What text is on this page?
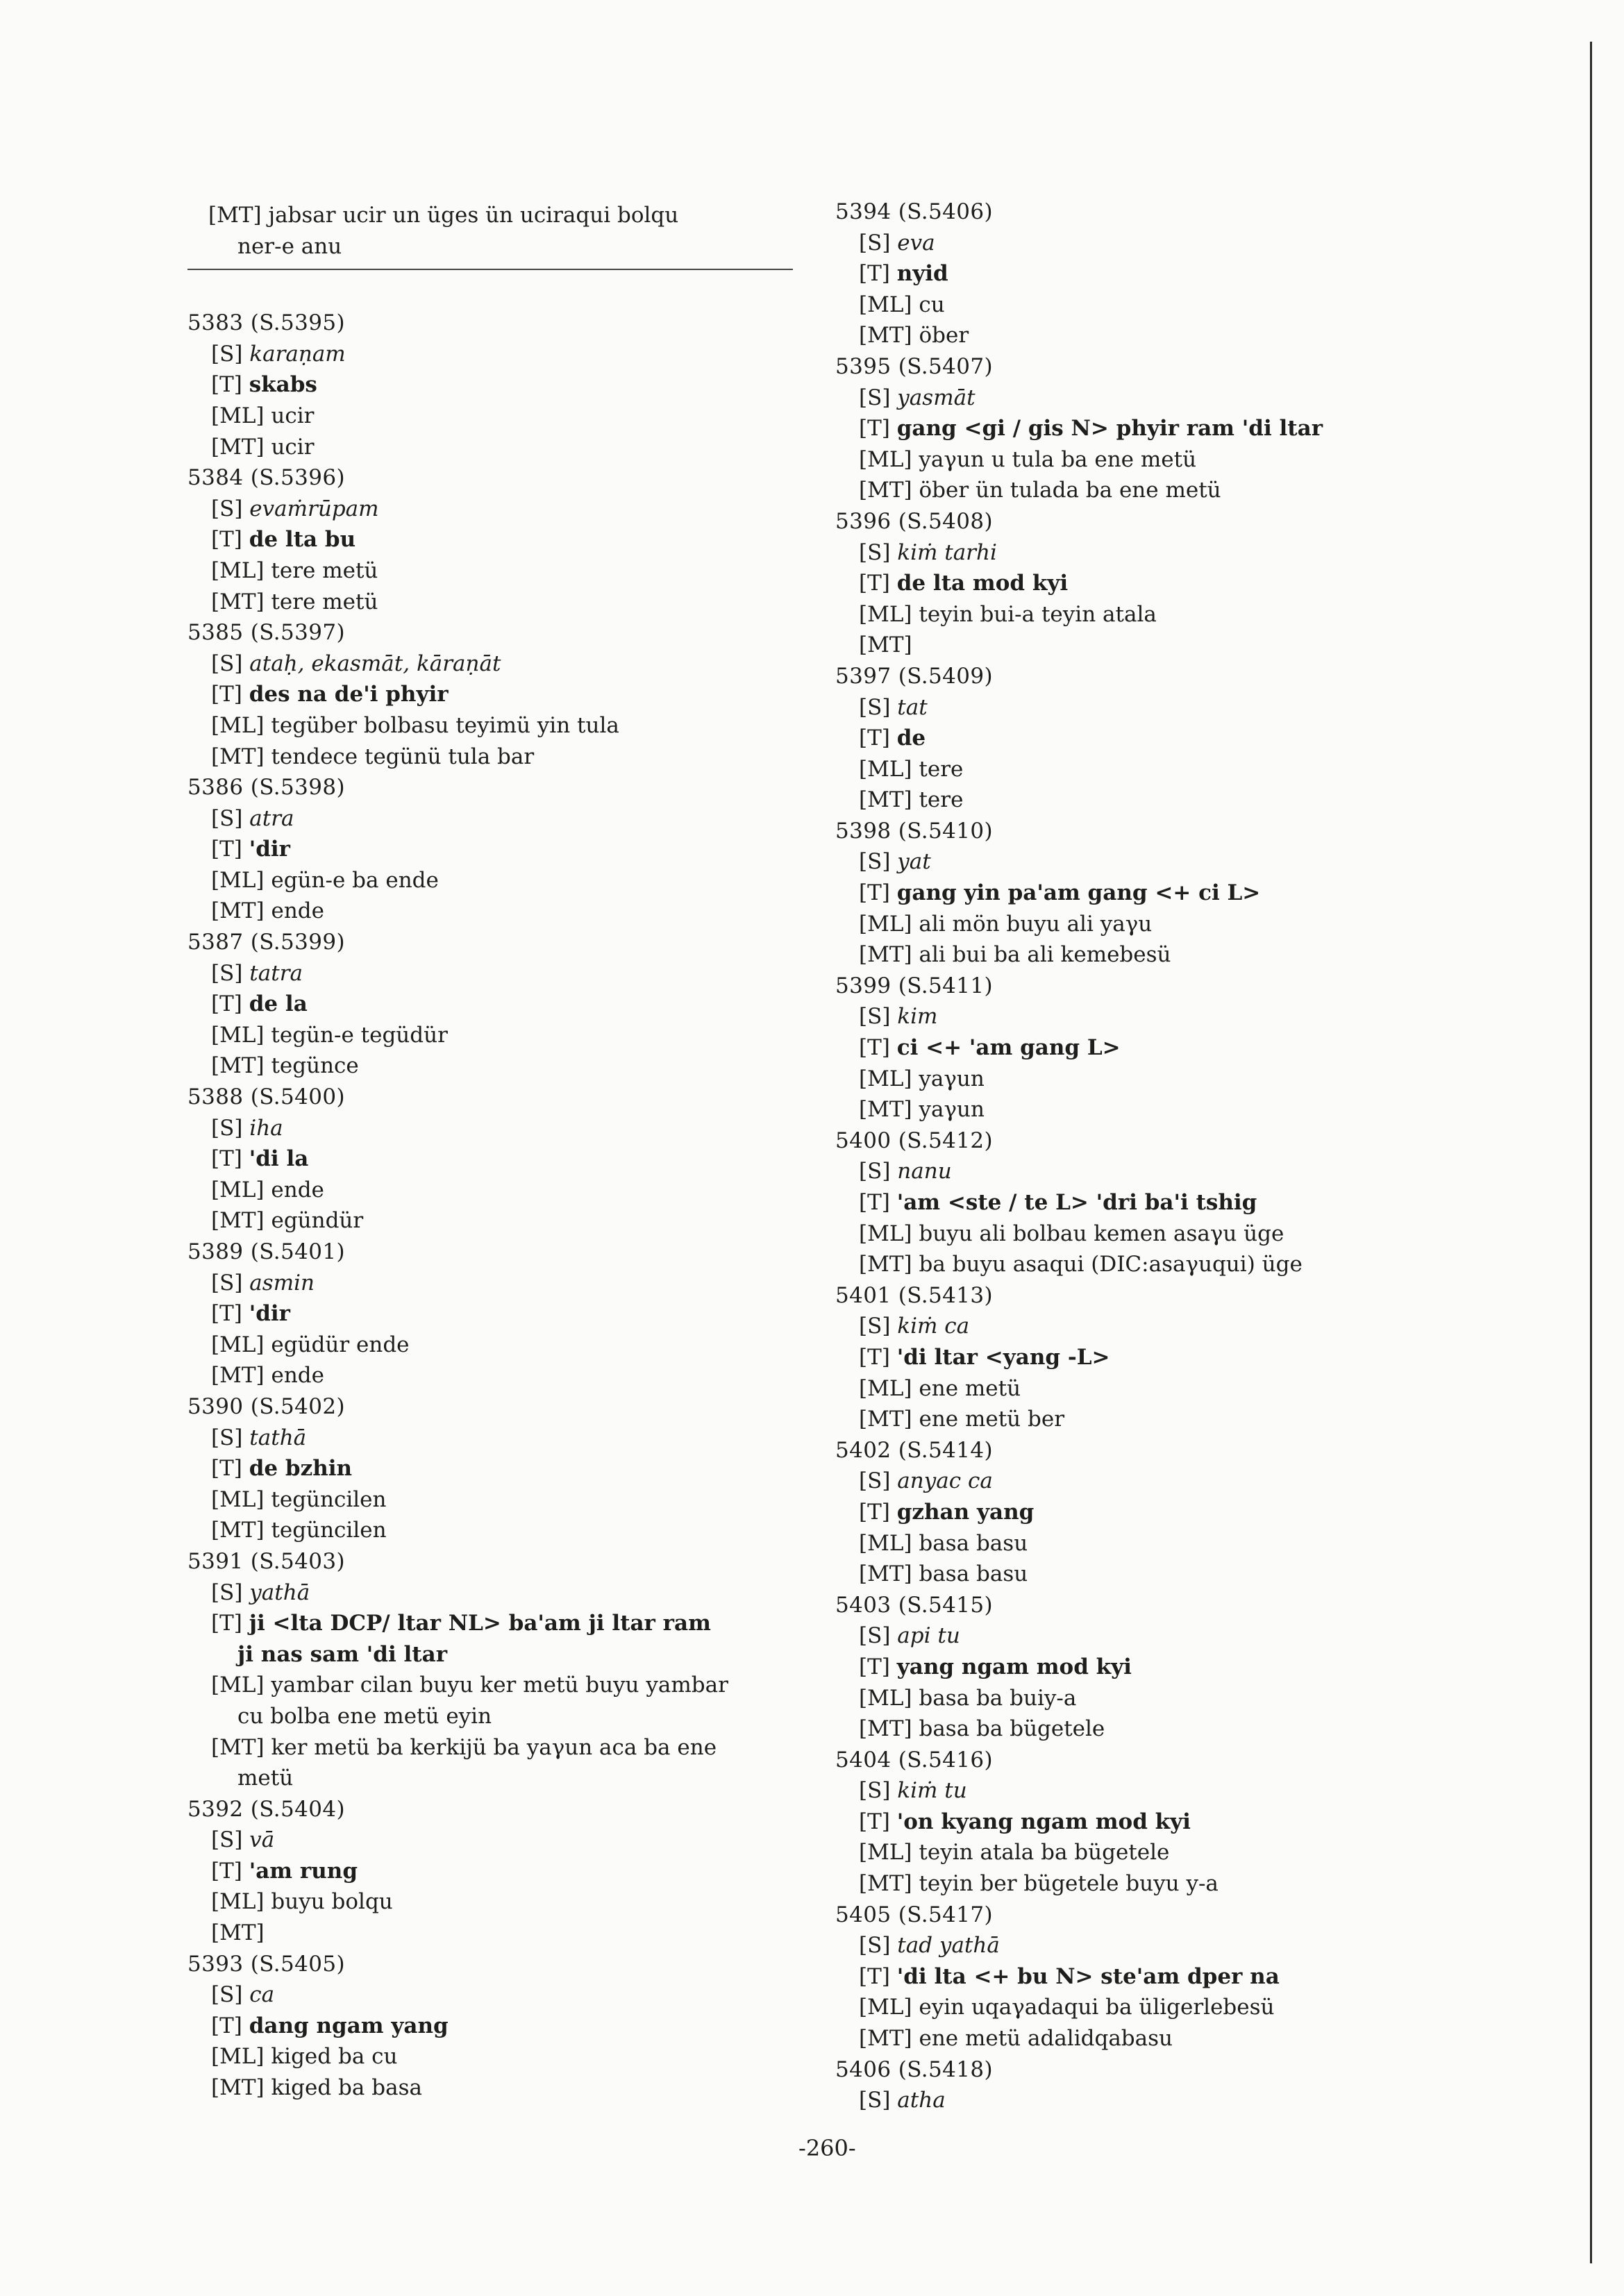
[MT] jabsar ucir un üges ün uciraqui bolqu
ner-e anu
5383 (S.5395)
[S] karaṇam
[T] skabs
[ML] ucir
[MT] ucir
5384 (S.5396)
[S] evaṁrūpam
[T] de lta bu
[ML] tere metü
[MT] tere metü
5385 (S.5397)
[S] ataḥ, ekasmāt, kāraṇāt
[T] des na de'i phyir
[ML] tegüber bolbasu teyimü yin tula
[MT] tendece tegünü tula bar
5386 (S.5398)
[S] atra
[T] 'dir
[ML] egün-e ba ende
[MT] ende
5387 (S.5399)
[S] tatra
[T] de la
[ML] tegün-e tegüdür
[MT] tegünce
5388 (S.5400)
[S] iha
[T] 'di la
[ML] ende
[MT] egündür
5389 (S.5401)
[S] asmin
[T] 'dir
[ML] egüdür ende
[MT] ende
5390 (S.5402)
[S] tathā
[T] de bzhin
[ML] tegüncilen
[MT] tegüncilen
5391 (S.5403)
[S] yathā
[T] ji <lta DCP/ ltar NL> ba'am ji ltar ram
ji nas sam 'di ltar
[ML] yambar cilan buyu ker metü buyu yambar
cu bolba ene metü eyin
[MT] ker metü ba kerkijü ba yaγun aca ba ene
metü
5392 (S.5404)
[S] vā
[T] 'am rung
[ML] buyu bolqu
[MT]
5393 (S.5405)
[S] ca
[T] dang ngam yang
[ML] kiged ba cu
[MT] kiged ba basa
5394 (S.5406)
[S] eva
[T] nyid
[ML] cu
[MT] öber
5395 (S.5407)
[S] yasmāt
[T] gang <gi / gis N> phyir ram 'di ltar
[ML] yaγun u tula ba ene metü
[MT] öber ün tulada ba ene metü
5396 (S.5408)
[S] kiṁ tarhi
[T] de lta mod kyi
[ML] teyin bui-a teyin atala
[MT]
5397 (S.5409)
[S] tat
[T] de
[ML] tere
[MT] tere
5398 (S.5410)
[S] yat
[T] gang yin pa'am gang <+ ci L>
[ML] ali mön buyu ali yaγu
[MT] ali bui ba ali kemebesü
5399 (S.5411)
[S] kim
[T] ci <+ 'am gang L>
[ML] yaγun
[MT] yaγun
5400 (S.5412)
[S] nanu
[T] 'am <ste / te L> 'dri ba'i tshig
[ML] buyu ali bolbau kemen asaγu üge
[MT] ba buyu asaqui (DIC:asaγuqui) üge
5401 (S.5413)
[S] kiṁ ca
[T] 'di ltar <yang -L>
[ML] ene metü
[MT] ene metü ber
5402 (S.5414)
[S] anyac ca
[T] gzhan yang
[ML] basa basu
[MT] basa basu
5403 (S.5415)
[S] api tu
[T] yang ngam mod kyi
[ML] basa ba buiy-a
[MT] basa ba bügetele
5404 (S.5416)
[S] kiṁ tu
[T] 'on kyang ngam mod kyi
[ML] teyin atala ba bügetele
[MT] teyin ber bügetele buyu y-a
5405 (S.5417)
[S] tad yathā
[T] 'di lta <+ bu N> ste'am dper na
[ML] eyin uqaγadaqui ba üligerlebesü
[MT] ene metü adalidqabasu
5406 (S.5418)
[S] atha
-260-
